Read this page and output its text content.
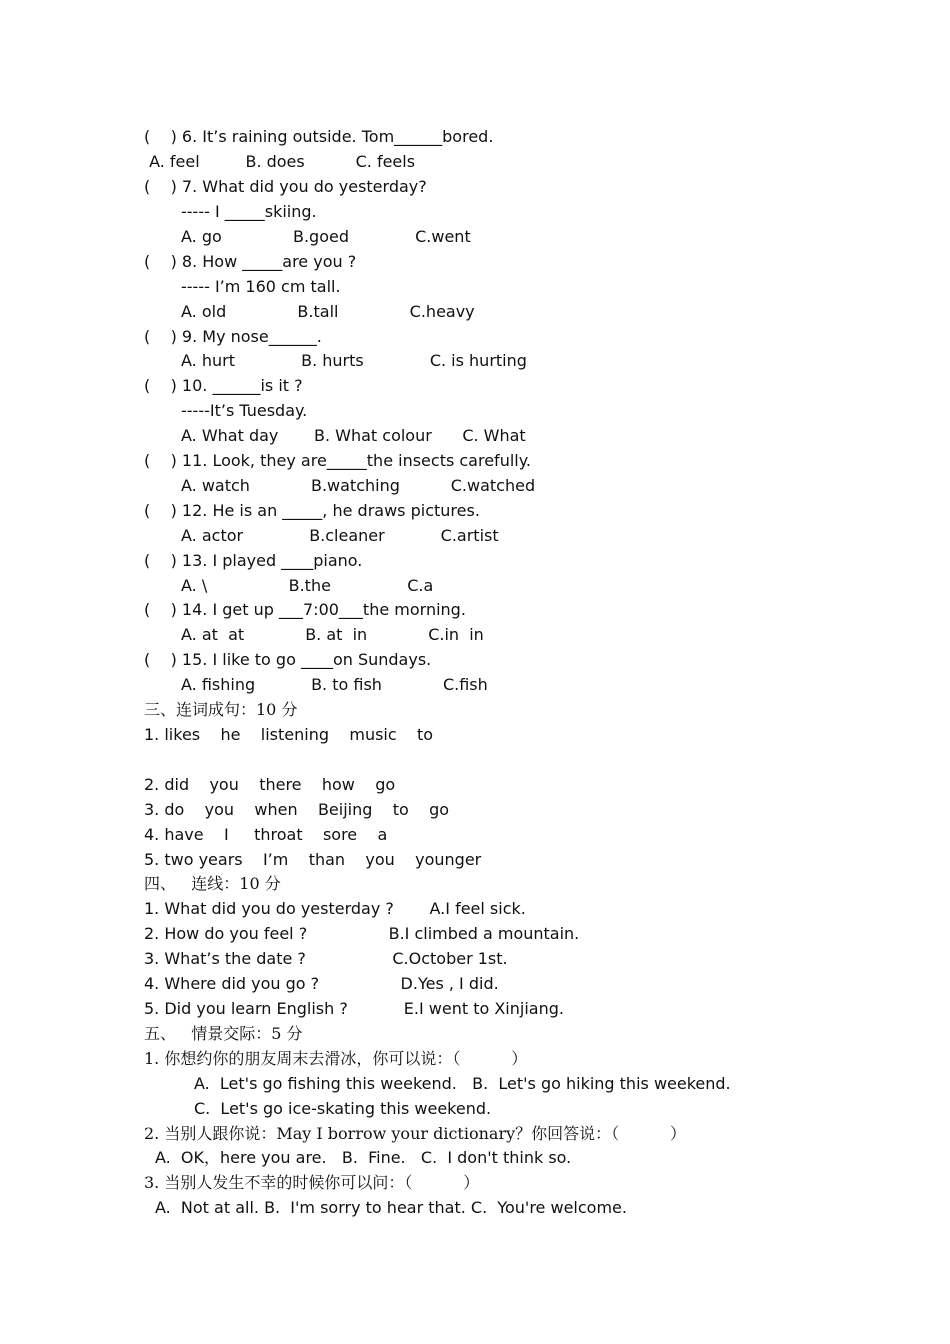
(    ) 6. It’s raining outside. Tom______bored.
A. feel         B. does          C. feels
(    ) 7. What did you do yesterday?
----- I _____skiing.
A. go              B.goed             C.went
(    ) 8. How _____are you ?
----- I’m 160 cm tall.
A. old              B.tall              C.heavy
(    ) 9. My nose______.
A. hurt             B. hurts             C. is hurting
(    ) 10. ______is it ?
-----It’s Tuesday.
A. What day       B. What colour      C. What
(    ) 11. Look, they are_____the insects carefully.
A. watch            B.watching          C.watched
(    ) 12. He is an _____, he draws pictures.
A. actor             B.cleaner           C.artist
(    ) 13. I played ____piano.
A. \                B.the               C.a
(    ) 14. I get up ___7:00___the morning.
A. at  at            B. at  in            C.in  in
(    ) 15. I like to go ____on Sundays.
A. fishing           B. to fish            C.fish
三、连词成句：10 分
1. likes    he    listening    music    to
2. did    you    there    how    go
3. do    you    when    Beijing    to    go
4. have    I     throat    sore    a
5. two years    I’m    than    you    younger
四、   连线：10 分
1. What did you do yesterday ?       A.I feel sick.
2. How do you feel ?                B.I climbed a mountain.
3. What’s the date ?                 C.October 1st.
4. Where did you go ?                D.Yes , I did.
5. Did you learn English ?           E.I went to Xinjiang.
五、   情景交际：5 分
1. 你想约你的朋友周末去滑冰，你可以说：（          ）
A.  Let's go fishing this weekend.   B.  Let's go hiking this weekend.
C.  Let's go ice-skating this weekend.
2. 当别人跟你说：May I borrow your dictionary？你回答说：（          ）
A.  OK，here you are.   B.  Fine.   C.  I don't think so.
3. 当别人发生不幸的时候你可以问：（          ）
A.  Not at all. B.  I'm sorry to hear that. C.  You're welcome.
